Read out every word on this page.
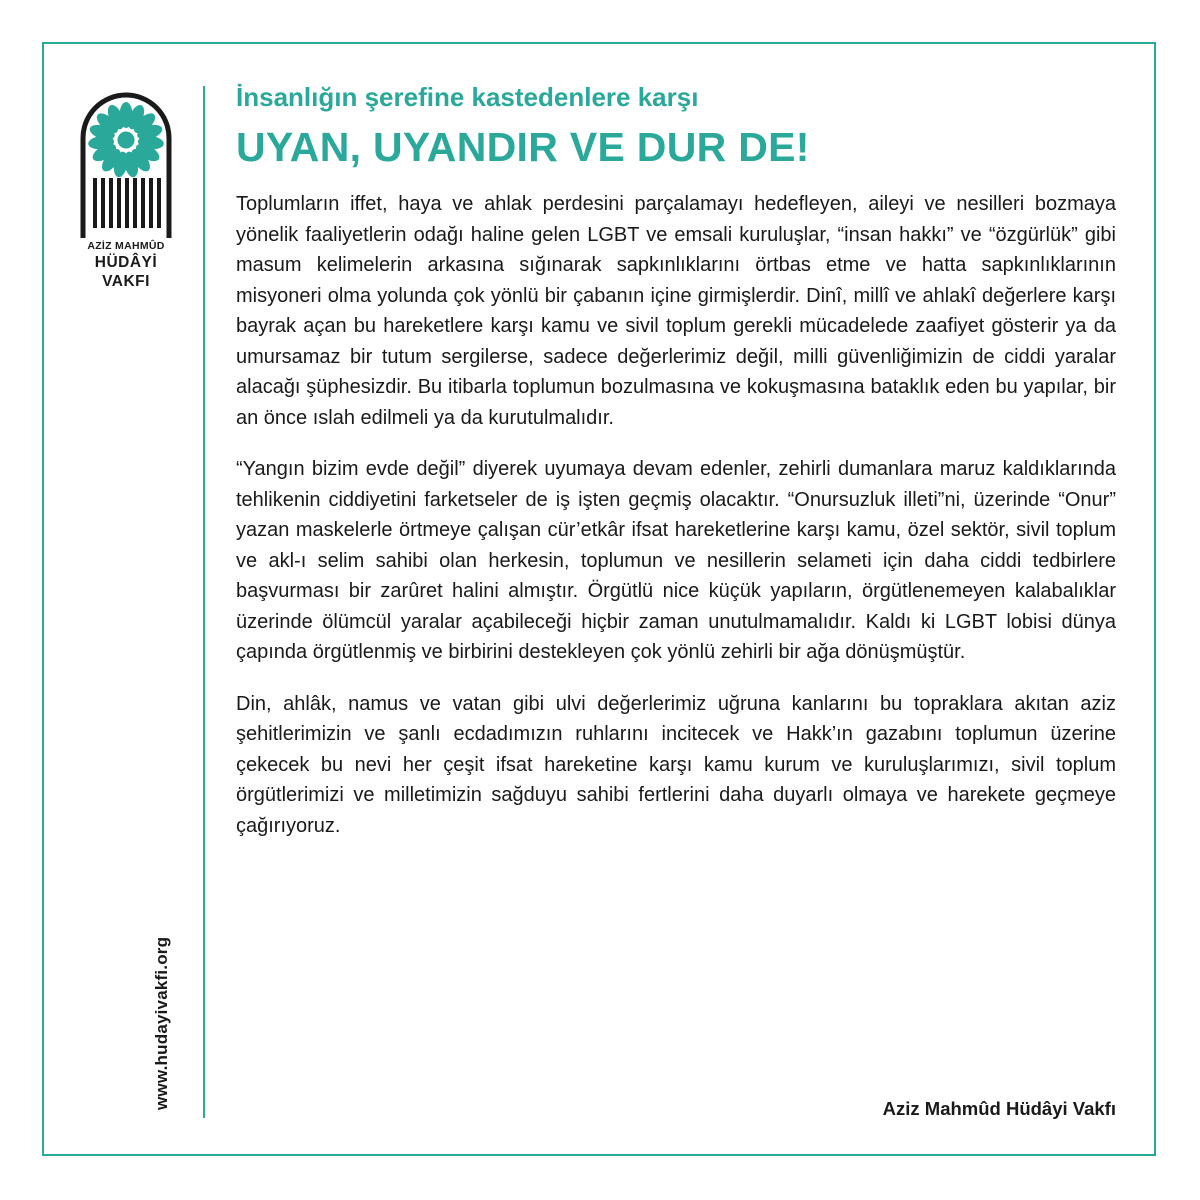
AZİZ MAHMÛD
HÜDÂYİ
VAKFI
www.hudayivakfi.org
İnsanlığın şerefine kastedenlere karşı
UYAN, UYANDIR VE DUR DE!

Toplumların iffet, haya ve ahlak perdesini parçalamayı hedefleyen, aileyi ve nesilleri bozmaya yönelik faaliyetlerin odağı haline gelen LGBT ve emsali kuruluşlar, “insan hakkı” ve “özgürlük” gibi masum kelimelerin arkasına sığınarak sapkınlıklarını örtbas etme ve hatta sapkınlıklarının misyoneri olma yolunda çok yönlü bir çabanın içine girmişlerdir. Dinî, millî ve ahlakî değerlere karşı bayrak açan bu hareketlere karşı kamu ve sivil toplum gerekli mücadelede zaafiyet gösterir ya da umursamaz bir tutum sergilerse, sadece değerlerimiz değil, milli güvenliğimizin de ciddi yaralar alacağı şüphesizdir. Bu itibarla toplumun bozulmasına ve kokuşmasına bataklık eden bu yapılar, bir an önce ıslah edilmeli ya da kurutulmalıdır.

“Yangın bizim evde değil” diyerek uyumaya devam edenler, zehirli dumanlara maruz kaldıklarında tehlikenin ciddiyetini farketseler de iş işten geçmiş olacaktır. “Onursuzluk illeti”ni, üzerinde “Onur” yazan maskelerle örtmeye çalışan cür’etkâr ifsat hareketlerine karşı kamu, özel sektör, sivil toplum ve akl-ı selim sahibi olan herkesin, toplumun ve nesillerin selameti için daha ciddi tedbirlere başvurması bir zarûret halini almıştır. Örgütlü nice küçük yapıların, örgütlenemeyen kalabalıklar üzerinde ölümcül yaralar açabileceği hiçbir zaman unutulmamalıdır. Kaldı ki LGBT lobisi dünya çapında örgütlenmiş ve birbirini destekleyen çok yönlü zehirli bir ağa dönüşmüştür.

Din, ahlâk, namus ve vatan gibi ulvi değerlerimiz uğruna kanlarını bu topraklara akıtan aziz şehitlerimizin ve şanlı ecdadımızın ruhlarını incitecek ve Hakk’ın gazabını toplumun üzerine çekecek bu nevi her çeşit ifsat hareketine karşı kamu kurum ve kuruluşlarımızı, sivil toplum örgütlerimizi ve milletimizin sağduyu sahibi fertlerini daha duyarlı olmaya ve harekete geçmeye çağırıyoruz.

Aziz Mahmûd Hüdâyi Vakfı
